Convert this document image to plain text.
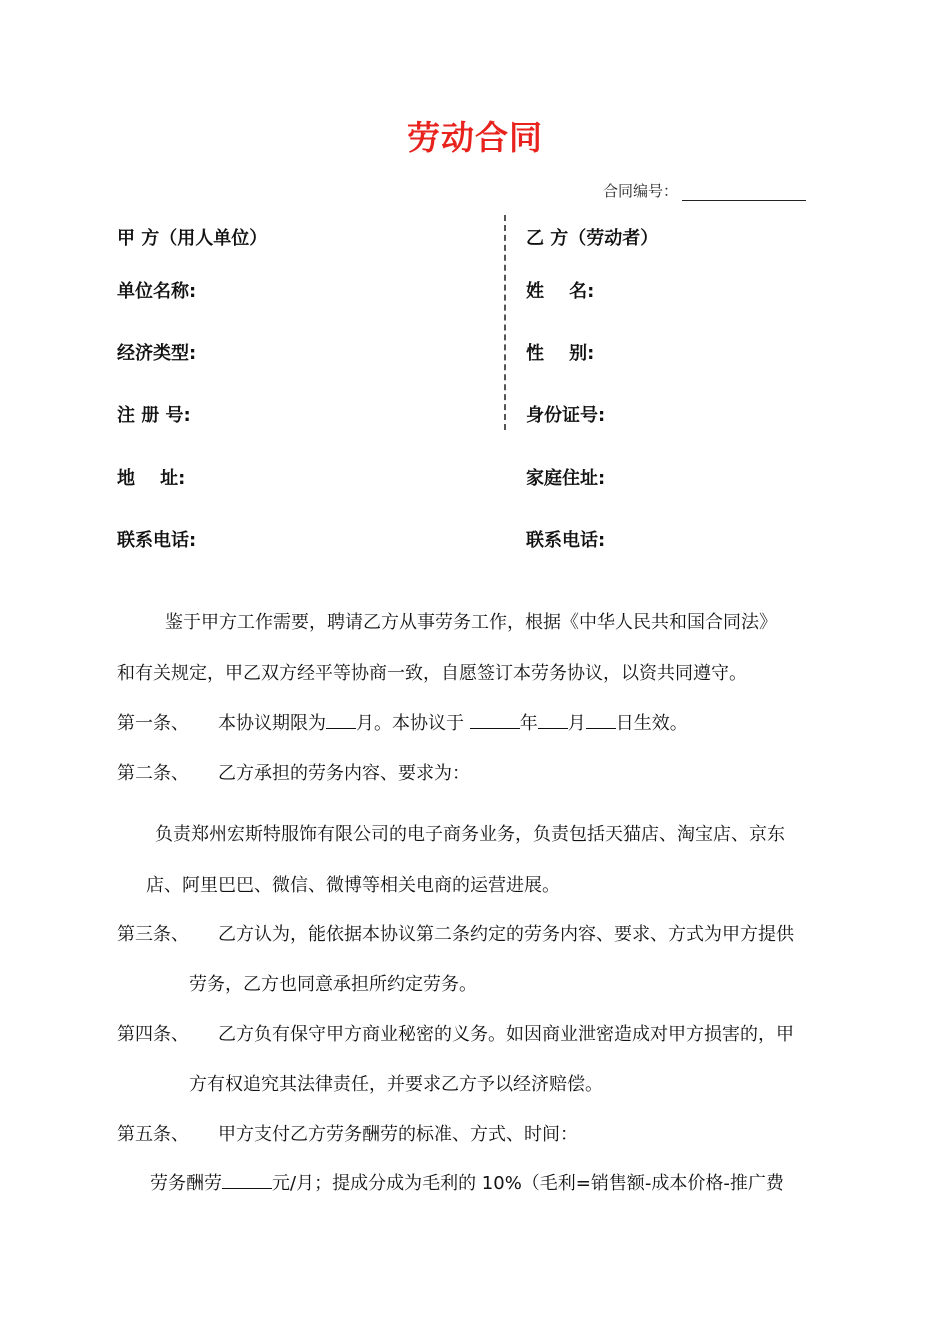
劳动合同
合同编号：
甲 方（用人单位）
单位名称:
经济类型:
注 册 号:
地    址:
联系电话:
乙 方（劳动者）
姓    名:
性    别:
身份证号:
家庭住址:
联系电话:
鉴于甲方工作需要，聘请乙方从事劳务工作，根据《中华人民共和国合同法》
和有关规定，甲乙双方经平等协商一致，自愿签订本劳务协议，以资共同遵守。
第一条、 本协议期限为 月。本协议于	年 月 日生效。
第二条、 乙方承担的劳务内容、要求为：
负责郑州宏斯特服饰有限公司的电子商务业务，负责包括天猫店、淘宝店、京东
店、阿里巴巴、微信、微博等相关电商的运营进展。
第三条、 乙方认为，能依据本协议第二条约定的劳务内容、要求、方式为甲方提供
劳务，乙方也同意承担所约定劳务。
第四条、 乙方负有保守甲方商业秘密的义务。如因商业泄密造成对甲方损害的，甲
方有权追究其法律责任，并要求乙方予以经济赔偿。
第五条、 甲方支付乙方劳务酬劳的标准、方式、时间：
劳务酬劳	元/月；提成分成为毛利的 10%（毛利=销售额-成本价格-推广费
